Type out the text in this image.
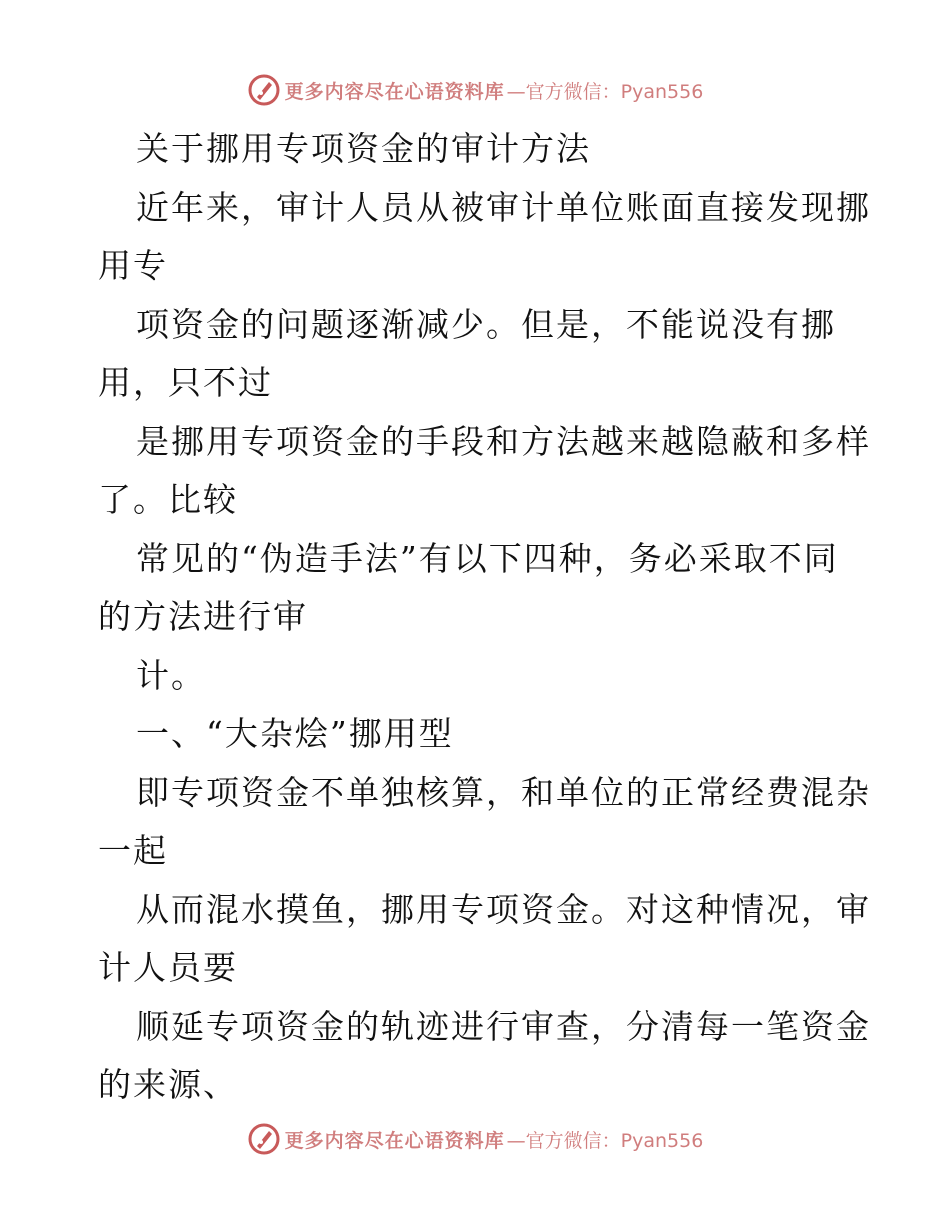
更多内容尽在心语资料库 —官方微信：Pyan556
关于挪用专项资金的审计方法
近年来，审计人员从被审计单位账面直接发现挪
用专
项资金的问题逐渐减少。但是，不能说没有挪
用，只不过
是挪用专项资金的手段和方法越来越隐蔽和多样
了。比较
常见的“伪造手法”有以下四种，务必采取不同
的方法进行审
计。
一、“大杂烩”挪用型
即专项资金不单独核算，和单位的正常经费混杂
一起
从而混水摸鱼，挪用专项资金。对这种情况，审
计人员要
顺延专项资金的轨迹进行审查，分清每一笔资金
的来源、
更多内容尽在心语资料库 —官方微信：Pyan556
